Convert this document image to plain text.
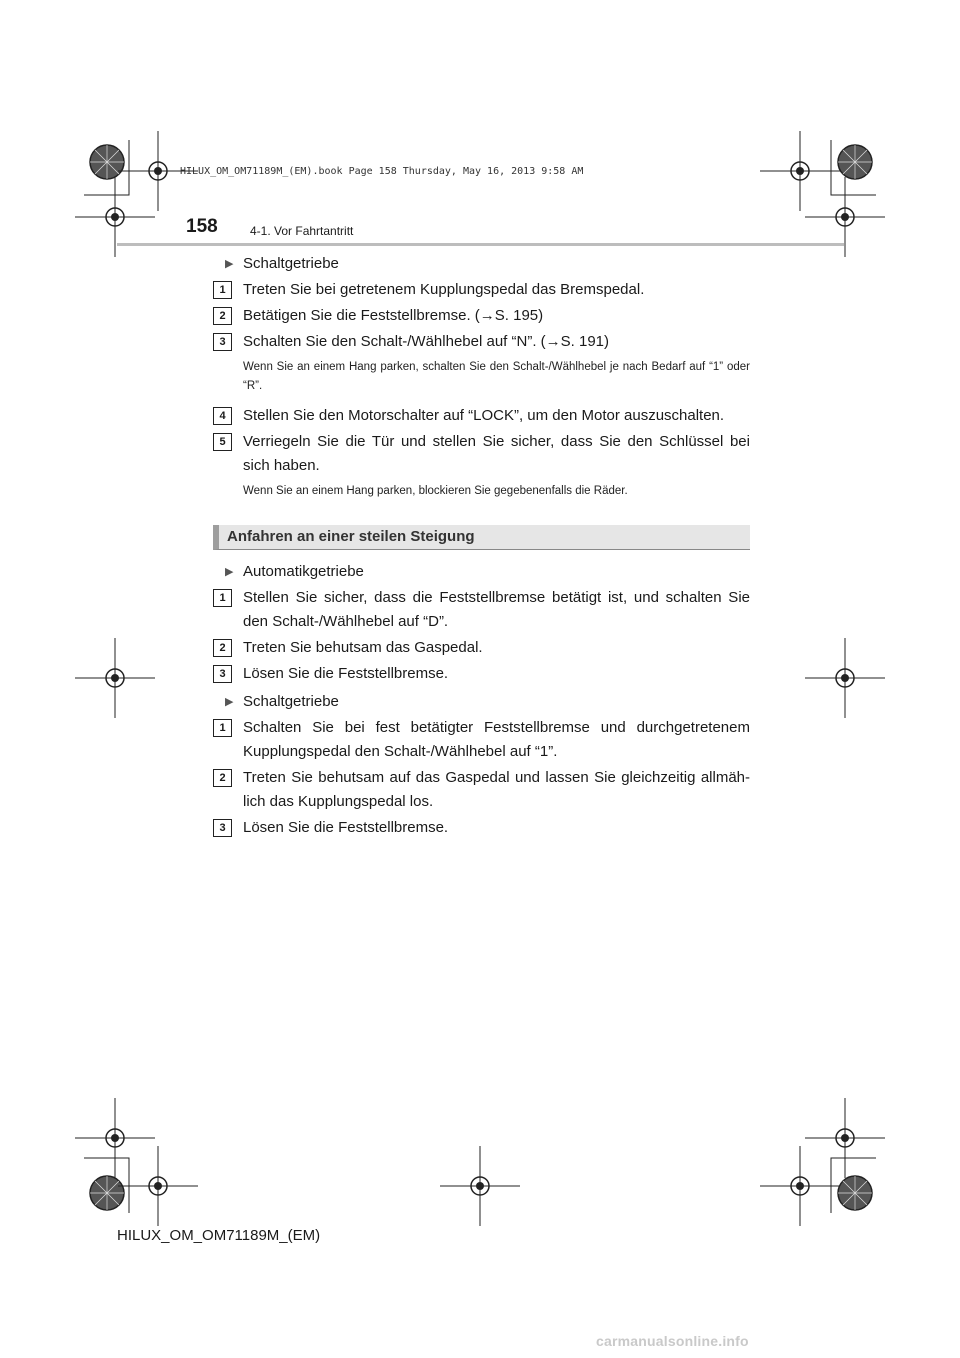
HILUX_OM_OM71189M_(EM).book Page 158 Thursday, May 16, 2013 9:58 AM
158	4-1. Vor Fahrtantritt
▶ Schaltgetriebe
1	Treten Sie bei getretenem Kupplungspedal das Bremspedal.
2	Betätigen Sie die Feststellbremse. (→S. 195)
3	Schalten Sie den Schalt-/Wählhebel auf “N”. (→S. 191)
Wenn Sie an einem Hang parken, schalten Sie den Schalt-/Wählhebel je nach Bedarf auf “1” oder “R”.
4	Stellen Sie den Motorschalter auf “LOCK”, um den Motor auszuschalten.
5	Verriegeln Sie die Tür und stellen Sie sicher, dass Sie den Schlüssel bei sich haben.
Wenn Sie an einem Hang parken, blockieren Sie gegebenenfalls die Räder.
Anfahren an einer steilen Steigung
▶ Automatikgetriebe
1	Stellen Sie sicher, dass die Feststellbremse betätigt ist, und schalten Sie den Schalt-/Wählhebel auf “D”.
2	Treten Sie behutsam das Gaspedal.
3	Lösen Sie die Feststellbremse.
▶ Schaltgetriebe
1	Schalten Sie bei fest betätigter Feststellbremse und durchgetretenem Kupplungspedal den Schalt-/Wählhebel auf “1”.
2	Treten Sie behutsam auf das Gaspedal und lassen Sie gleichzeitig allmäh-lich das Kupplungspedal los.
3	Lösen Sie die Feststellbremse.
HILUX_OM_OM71189M_(EM)
carmanualsonline.info
